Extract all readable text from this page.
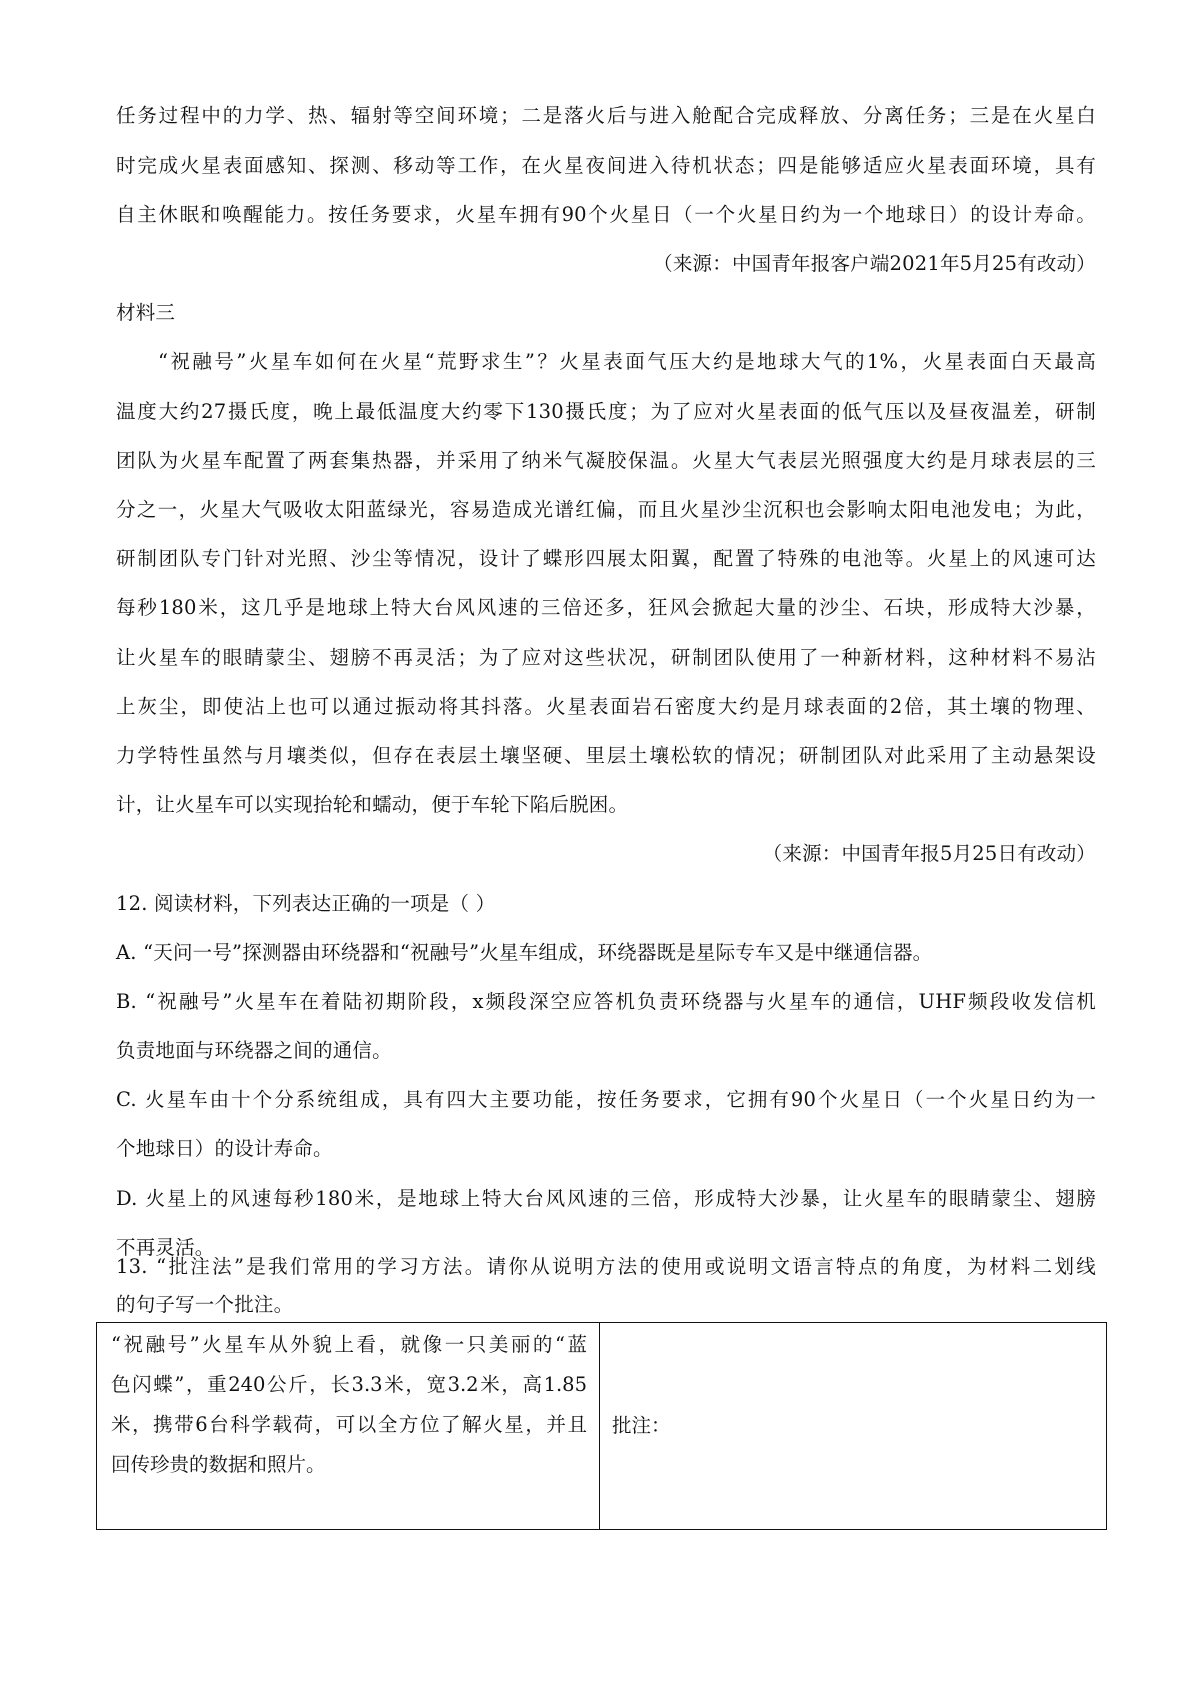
任务过程中的力学、热、辐射等空间环境；二是落火后与进入舱配合完成释放、分离任务；三是在火星白
时完成火星表面感知、探测、移动等工作，在火星夜间进入待机状态；四是能够适应火星表面环境，具有
自主休眠和唤醒能力。按任务要求，火星车拥有90个火星日（一个火星日约为一个地球日）的设计寿命。
（来源：中国青年报客户端2021年5月25有改动）
材料三
“祝融号”火星车如何在火星“荒野求生”？火星表面气压大约是地球大气的1%，火星表面白天最高
温度大约27摄氏度，晚上最低温度大约零下130摄氏度；为了应对火星表面的低气压以及昼夜温差，研制
团队为火星车配置了两套集热器，并采用了纳米气凝胶保温。火星大气表层光照强度大约是月球表层的三
分之一，火星大气吸收太阳蓝绿光，容易造成光谱红偏，而且火星沙尘沉积也会影响太阳电池发电；为此，
研制团队专门针对光照、沙尘等情况，设计了蝶形四展太阳翼，配置了特殊的电池等。火星上的风速可达
每秒180米，这几乎是地球上特大台风风速的三倍还多，狂风会掀起大量的沙尘、石块，形成特大沙暴，
让火星车的眼睛蒙尘、翅膀不再灵活；为了应对这些状况，研制团队使用了一种新材料，这种材料不易沾
上灰尘，即使沾上也可以通过振动将其抖落。火星表面岩石密度大约是月球表面的2倍，其土壤的物理、
力学特性虽然与月壤类似，但存在表层土壤坚硬、里层土壤松软的情况；研制团队对此采用了主动悬架设
计，让火星车可以实现抬轮和蠕动，便于车轮下陷后脱困。
（来源：中国青年报5月25日有改动）
12. 阅读材料，下列表达正确的一项是（ ）
A. “天问一号”探测器由环绕器和“祝融号”火星车组成，环绕器既是星际专车又是中继通信器。
B. “祝融号”火星车在着陆初期阶段，x频段深空应答机负责环绕器与火星车的通信，UHF频段收发信机
负责地面与环绕器之间的通信。
C. 火星车由十个分系统组成，具有四大主要功能，按任务要求，它拥有90个火星日（一个火星日约为一
个地球日）的设计寿命。
D. 火星上的风速每秒180米，是地球上特大台风风速的三倍，形成特大沙暴，让火星车的眼睛蒙尘、翅膀
不再灵活。
13. “批注法”是我们常用的学习方法。请你从说明方法的使用或说明文语言特点的角度，为材料二划线
的句子写一个批注。
“祝融号”火星车从外貌上看，就像一只美丽的“蓝
色闪蝶”，重240公斤，长3.3米，宽3.2米，高1.85
米，携带6台科学载荷，可以全方位了解火星，并且
回传珍贵的数据和照片。

批注：
